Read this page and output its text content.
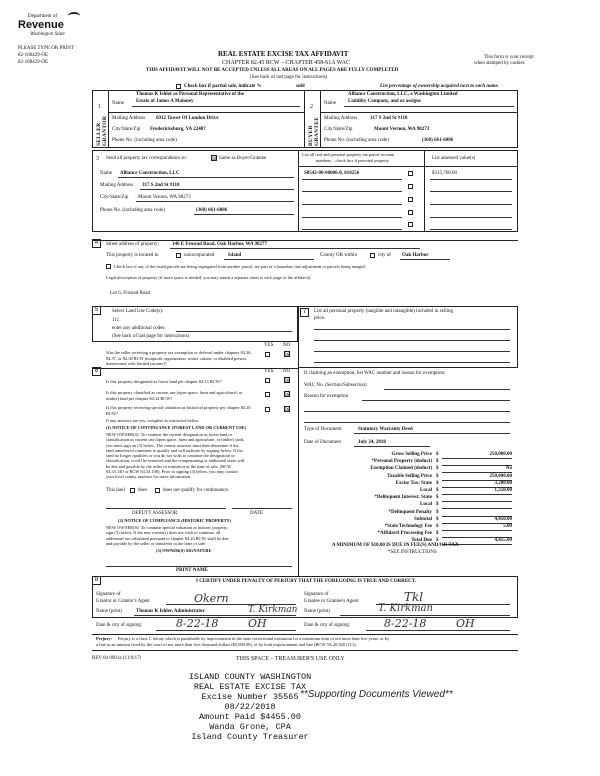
Department of
Revenue
Washington State
PLEASE TYPE OR PRINT
82-168429-OE
82-168429-OE
REAL ESTATE EXCISE TAX AFFIDAVIT
CHAPTER 82.45 RCW – CHAPTER 458-61A WAC
THIS AFFIDAVIT WILL NOT BE ACCEPTED UNLESS ALL AREAS ON ALL PAGES ARE FULLY COMPLETED
(See back of last page for instructions)
This form is your receipt
when stamped by cashier.
Check box if partial sale, indicate %	sold	List percentage of ownership acquired next to each name.
1	2
SELLER GRANTOR	BUYER GRANTEE
Name
Thomas K Ishler as Personal Representative of the
Estate of James A Maloney
Mailing Address 6912 Tower Of London Drive
City/State/Zip Fredericksburg, VA 22407
Phone No. (including area code)
Name
Alliance Construction, LLC, a Washington Limited
Liability Company, and or assigns
Mailing Address	317 S 2nd St #110
City/State/Zip	Mount Vernon, WA 98273
Phone No. (including area code)	(360) 661-6086
3 Send all property tax correspondence to:	☒ Same as Buyer/Grantee
List all real and personal property tax parcel account
numbers – check box if personal property	List assessed value(s)
S8542-00-00006-0, 810256	$315,768.00
Name Alliance Construction, LLC
Mailing Address 317 S 2nd St #110
City/State/Zip Mount Vernon, WA 98273
Phone No. (including area code)	(360) 661-6086
4	Street address of property:	146 E Frostad Road, Oak Harbor, WA 98277
This property is located in	unincorporated	Island	County OR within	city of Oak Harbor
Check box if any of the listed parcels are being segregated from another parcel, are part of a boundary line adjustment or parcels being merged.
Legal description of property (if more space is needed, you may attach a separate sheet to each page of the affidavit)
Lot 6, Frostad Road
5	Select Land Use Code(s):
111
enter any additional codes:
(See back of last page for instructions)
YES NO
Was the seller receiving a property tax exemption or deferral under chapters 84.36, 84.37, or 84.38 RCW (nonprofit organization, senior citizen, or disabled person, homeowner with limited income)?
☒
6	YES NO
Is this property designated as forest land per chapter 84.33 RCW?	☒
Is this property classified as current use (open space, farm and agricultural, or timber) land per chapter 84.34 RCW?	☒
Is this property receiving special valuation as historical property per chapter 84.26 RCW?	☒
If any answers are yes, complete as instructed below.
(1) NOTICE OF CONTINUANCE (FOREST LAND OR CURRENT USE)
NEW OWNER(S): To continue the current designation as forest land or
classification as current use (open space, farm and agriculture, or timber) land,
you must sign on (3) below. The county assessor must then determine if the
land transferred continues to qualify and will indicate by signing below. If the
land no longer qualifies or you do not wish to continue the designation or
classification, it will be removed and the compensating or additional taxes will
be due and payable by the seller or transferor at the time of sale. (RCW
84.33.140 or RCW 84.34.108). Prior to signing (3) below, you may contact
your local county assessor for more information.
This land	does	does not qualify for continuance.
DEPUTY ASSESSOR	DATE
(2) NOTICE OF COMPLIANCE (HISTORIC PROPERTY)
NEW OWNER(S): To continue special valuation as historic property,
sign (3) below. If the new owner(s) does not wish to continue, all
additional tax calculated pursuant to chapter 84.26 RCW, shall be due
and payable by the seller or transferor at the time of sale.
(3) OWNER(S) SIGNATURE
PRINT NAME
7	List all personal property (tangible and intangible) included in selling
price.
If claiming an exemption, list WAC number and reason for exemption:
WAC No. (Section/Subsection)
Reason for exemption
Type of Document	Statutory Warranty Deed
Date of Document	July 24, 2018
Gross Selling Price $	250,000.00
*Personal Property (deduct) $
Exemption Claimed (deduct) $	No
Taxable Selling Price $	250,000.00
Excise Tax: State $	3,200.00
Local $	1,250.00
*Delinquent Interest: State $
Local $
*Delinquent Penalty $
Subtotal $	4,450.00
*State Technology Fee $	5.00
*Affidavit Processing Fee $
Total Due $	4,455.00
A MINIMUM OF $10.00 IS DUE IN FEE(S) AND/OR TAX
*SEE INSTRUCTIONS
8	I CERTIFY UNDER PENALTY OF PERJURY THAT THE FOREGOING IS TRUE AND CORRECT.
Signature of
Grantor or Grantor's Agent	Okern	Signature of
Grantee or Grantee's Agent	Tkl
Name (print)	Thomas K Ishler, Administrator	T. Kirkman Name (print)	T. Kirkman
Date & city of signing:	8-22-18	OH	Date & city of signing:	8-22-18	OH
Perjury: Perjury is a class C felony which is punishable by imprisonment in the state correctional institution for a maximum term of not more than five years, or by
a fine in an amount fixed by the court of not more than five thousand dollars ($5,000.00), or by both imprisonment and fine (RCW 9A.20.020 (1C)).
REV 84 0001a (11/9/17)	THIS SPACE – TREASURER'S USE ONLY
ISLAND COUNTY WASHINGTON
REAL ESTATE EXCISE TAX
Excise Number 35565
08/22/2018
Amount Paid $4455.00
Wanda Grone, CPA
Island County Treasurer
**Supporting Documents Viewed**
